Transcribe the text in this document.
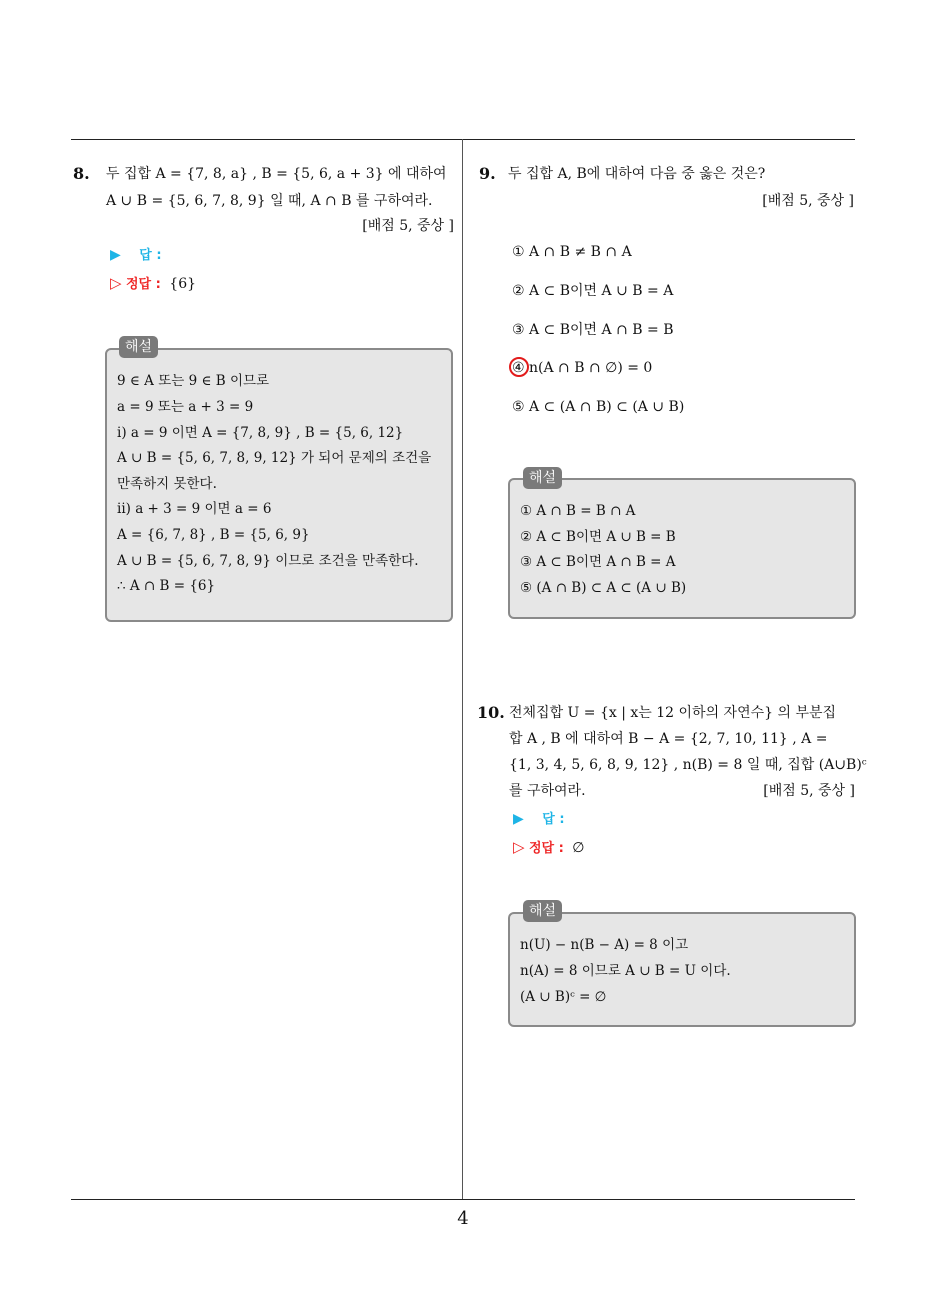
8. 두 집합 A = {7, 8, a} , B = {5, 6, a + 3} 에 대하여
A ∪ B = {5, 6, 7, 8, 9} 일 때, A ∩ B 를 구하여라.
[배점 5, 중상 ]
▶ 답 :
▷ 정답 : {6}
9 ∈ A 또는 9 ∈ B 이므로
a = 9 또는 a + 3 = 9
i) a = 9 이면 A = {7, 8, 9} , B = {5, 6, 12}
A ∪ B = {5, 6, 7, 8, 9, 12} 가 되어 문제의 조건을
만족하지 못한다.
ii) a + 3 = 9 이면 a = 6
A = {6, 7, 8} , B = {5, 6, 9}
A ∪ B = {5, 6, 7, 8, 9} 이므로 조건을 만족한다.
∴ A ∩ B = {6}
해설
9. 두 집합 A, B에 대하여 다음 중 옳은 것은?
[배점 5, 중상 ]
① A ∩ B ≠ B ∩ A
② A ⊂ B이면 A ∪ B = A
③ A ⊂ B이면 A ∩ B = B
④ n(A ∩ B ∩ ∅) = 0
⑤ A ⊂ (A ∩ B) ⊂ (A ∪ B)
① A ∩ B = B ∩ A
② A ⊂ B이면 A ∪ B = B
③ A ⊂ B이면 A ∩ B = A
⑤ (A ∩ B) ⊂ A ⊂ (A ∪ B)
해설
10. 전체집합 U = {x | x는 12 이하의 자연수} 의 부분집
합 A , B 에 대하여 B − A = {2, 7, 10, 11} , A =
{1, 3, 4, 5, 6, 8, 9, 12} , n(B) = 8 일 때, 집합 (A∪B)ᶜ
를 구하여라.	[배점 5, 중상 ]
▶ 답 :
▷ 정답 : ∅
n(U) − n(B − A) = 8 이고
n(A) = 8 이므로 A ∪ B = U 이다.
(A ∪ B)ᶜ = ∅
해설
4
